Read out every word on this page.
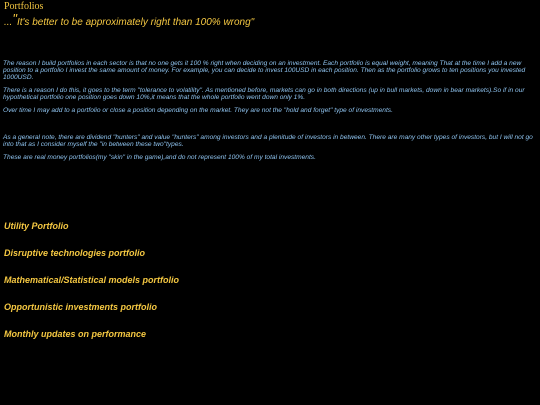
Portfolios
..."It's better to be approximately right than 100% wrong"

The reason I build portfolios in each sector is that no one gets it 100 % right when deciding on an investment. Each portfolio is equal weight, meaning That at the time I add a new position to a portfolio I invest the same amount of money. For example, you can decide to invest 100USD in each position. Then as the portfolio grows to ten positions you invested 1000USD.

There is a reason I do this, it goes to the term "tolerance to volatility". As mentioned before, markets can go in both directions (up in bull markets, down in bear markets).So if in our hypothetical portfolio one position goes down 10%,it means that the whole portfolio went down only 1%.

Over time I may add to a portfolio or close a position depending on the market. They are not the "hold and forget" type of investments.

As a general note, there are dividend "hunters" and value "hunters" among investors and a plenitude of investors in between. There are many other types of investors, but I will not go into that as I consider myself the "in between these two"types.

These are real money portfolios(my "skin" in the game),and do not represent 100% of my total investments.

Utility Portfolio
Disruptive technologies portfolio
Mathematical/Statistical models portfolio
Opportunistic investments portfolio
Monthly updates on performance
